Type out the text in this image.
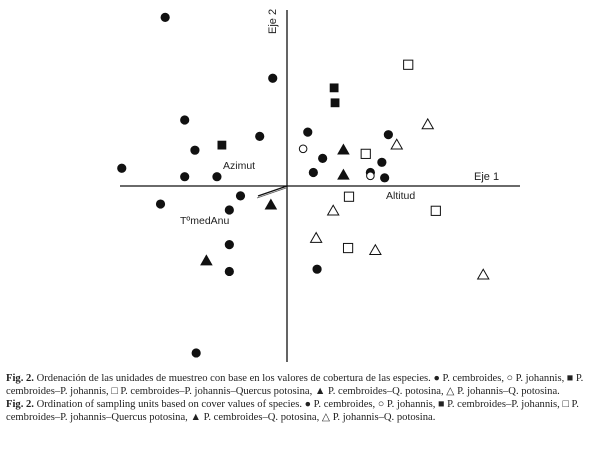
Eje 1
Eje 2
Azimut
Altitud
TºmedAnu

Fig. 2. Ordenación de las unidades de muestreo con base en los valores de cobertura de las especies. ● P. cembroides, ○ P. johannis, ■ P. cembroides–P. johannis, □ P. cembroides–P. johannis–Quercus potosina, ▲ P. cembroides–Q. potosina, △ P. johannis–Q. potosina.

Fig. 2. Ordination of sampling units based on cover values of species. ● P. cembroides, ○ P. johannis, ■ P. cembroides–P. johannis, □ P. cembroides–P. johannis–Quercus potosina, ▲ P. cembroides–Q. potosina, △ P. johannis–Q. potosina.
